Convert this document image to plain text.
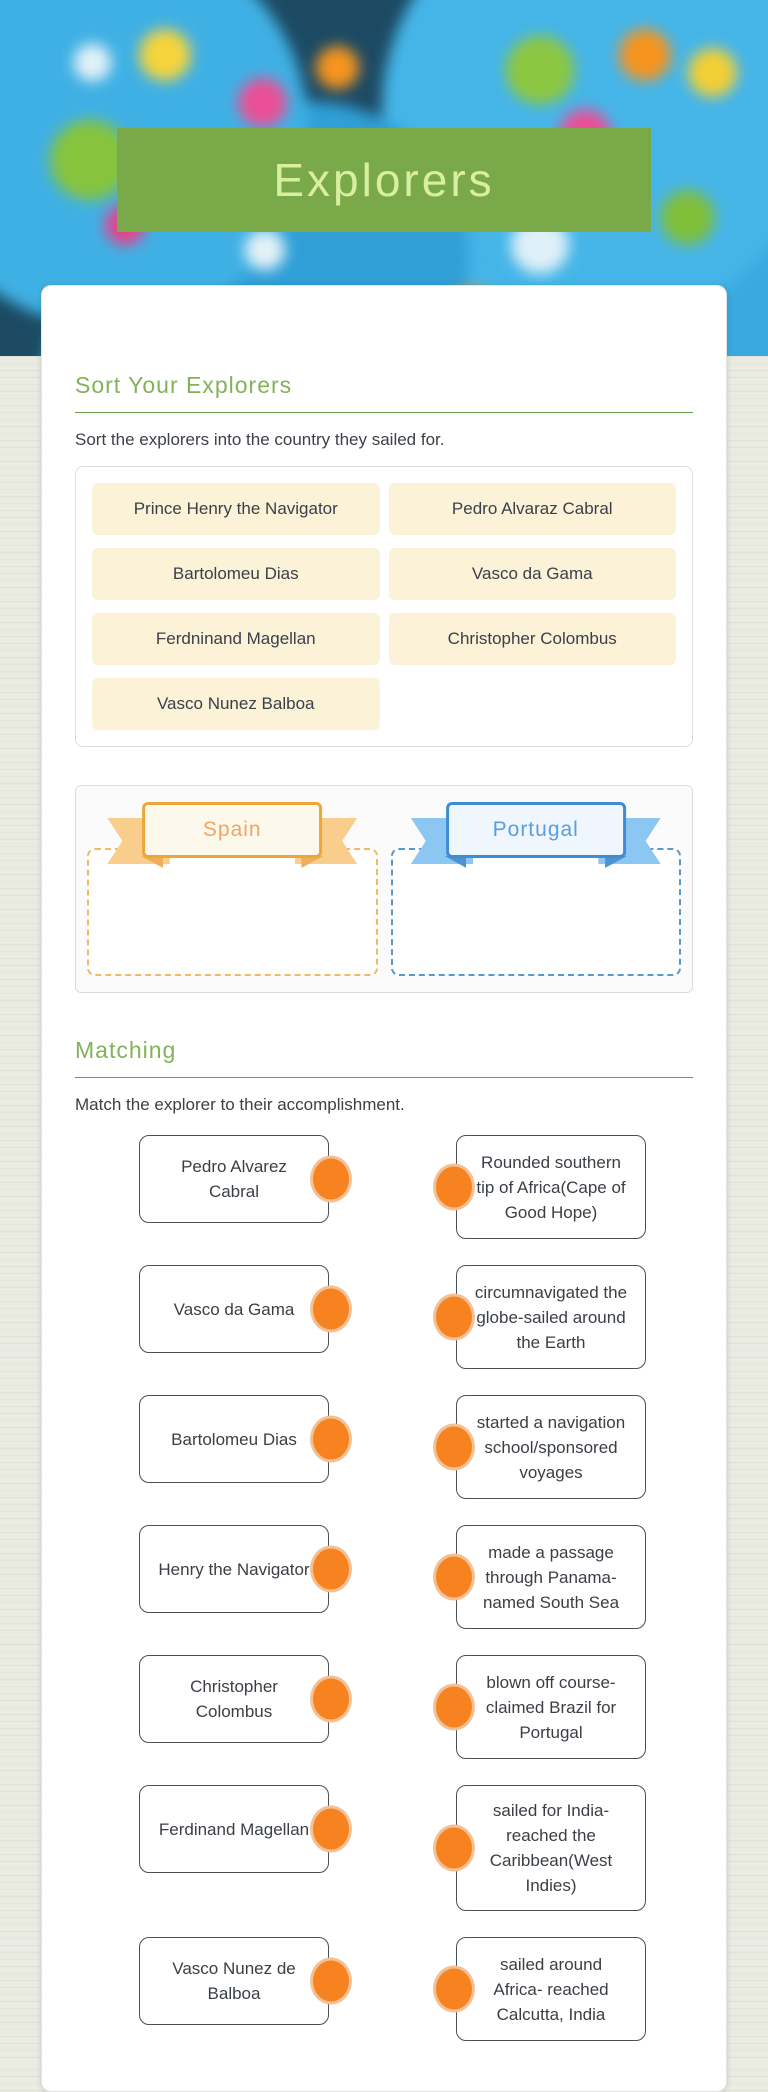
Explorers
Sort Your Explorers

Sort the explorers into the country they sailed for.

Prince Henry the Navigator	Pedro Alvaraz Cabral
Bartolomeu Dias	Vasco da Gama
Ferdninand Magellan	Christopher Colombus
Vasco Nunez Balboa
Spain	Portugal
Matching

Match the explorer to their accomplishment.

Pedro Alvarez Cabral
Rounded southern tip of Africa(Cape of Good Hope)
Vasco da Gama
circumnavigated the globe-sailed around the Earth
Bartolomeu Dias
started a navigation school/sponsored voyages
Henry the Navigator
made a passage through Panama- named South Sea
Christopher Colombus
blown off course- claimed Brazil for Portugal
Ferdinand Magellan
sailed for India- reached the Caribbean(West Indies)
Vasco Nunez de Balboa
sailed around Africa- reached Calcutta, India
